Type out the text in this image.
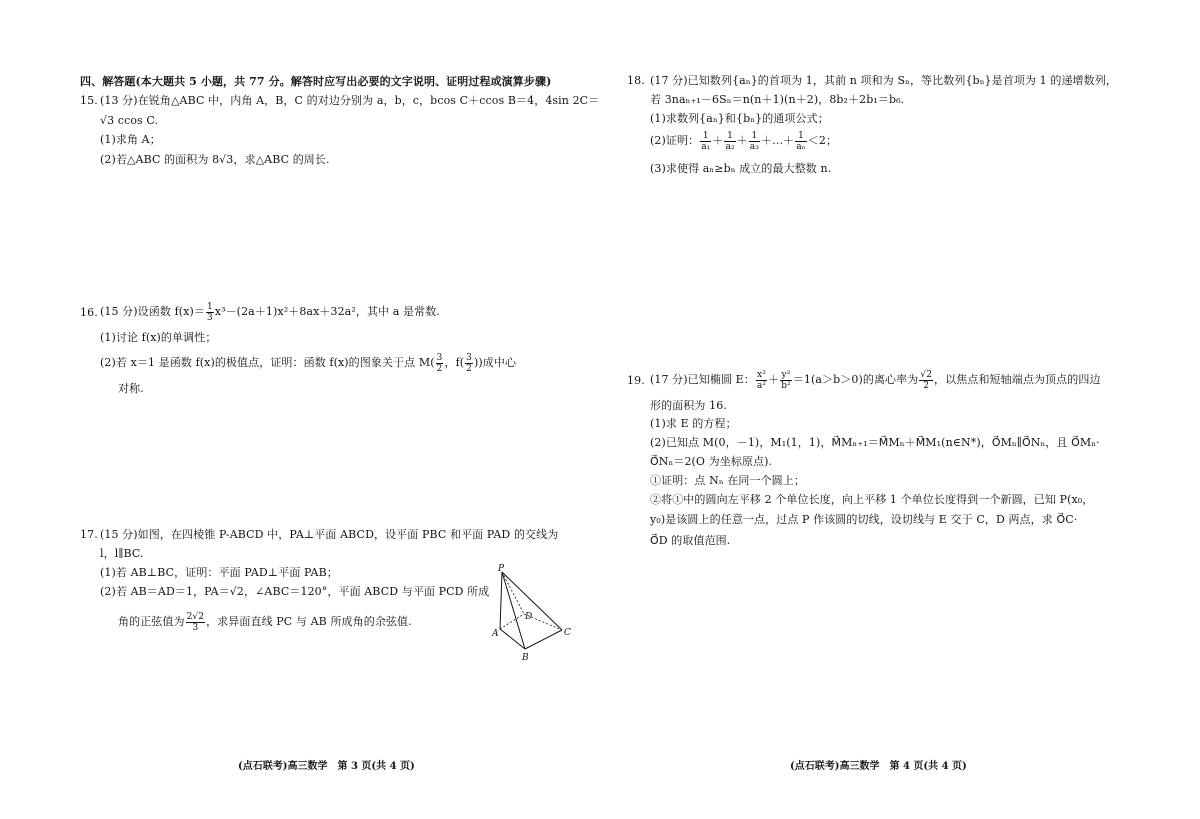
四、解答题(本大题共 5 小题，共 77 分。解答时应写出必要的文字说明、证明过程或演算步骤)
15. (13 分)在锐角△ABC 中，内角 A，B，C 的对边分别为 a，b，c，bcos C＋ccos B＝4，4sin 2C＝
√3 ccos C.
(1)求角 A；
(2)若△ABC 的面积为 8√3，求△ABC 的周长.
16. (15 分)设函数 $f(x)= \frac{1}{3} x^3-(2a+1)x^2+8ax+32a^2$，其中 a 是常数.
(1)讨论 f(x)的单调性；
(2)若 x＝1 是函数 f(x)的极值点，证明：函数 f(x)的图象关于点 $M( \frac{3}{2}$ ，$f( \frac{3}{2}$ ))成中心
对称.
17. (15 分)如图，在四棱锥 P-ABCD 中，PA⊥平面 ABCD，设平面 PBC 和平面 PAD 的交线为
l，l∥BC.
(1)若 AB⊥BC，证明：平面 PAD⊥平面 PAB；
(2)若 AB＝AD＝1，PA＝√2，∠ABC＝120°，平面 ABCD 与平面 PCD 所成
角的正弦值为 $\frac{2√2}{3}$ ，求异面直线 PC 与 AB 所成角的余弦值.
P
D
A	C
B
(点石联考)高三数学　第 3 页(共 4 页)
18. (17 分)已知数列{aₙ}的首项为 1，其前 n 项和为 Sₙ，等比数列{bₙ}是首项为 1 的递增数列，
若 3naₙ₊₁－6Sₙ＝n(n＋1)(n＋2)，8b₂＋2b₁＝b₆.
(1)求数列{aₙ}和{bₙ}的通项公式；
(2)证明： $\frac{1}{\text{a₁}} + \frac{1}{\text{a₂}} + \frac{1}{\text{a₃}}$ ＋…＋ $\frac{1}{\text{aₙ}} <2$；
(3)求使得 aₙ≥bₙ 成立的最大整数 n.
19. (17 分)已知椭圆 E： $\frac{\text{x²}}{\text{a²}} + \frac{\text{y²}}{\text{b²}} =1(a>b>0)$的离心率为 $\frac{√2}{2}$ ，以焦点和短轴端点为顶点的四边
形的面积为 16.
(1)求 E 的方程；
(2)已知点 M(0，－1)，M₁(1，1)，M⃗Mₙ₊₁＝M⃗Mₙ＋M⃗M₁(n∈N*)，O⃗Mₙ∥O⃗Nₙ，且 O⃗Mₙ·
O⃗Nₙ＝2(O 为坐标原点).
①证明：点 Nₙ 在同一个圆上；
②将①中的圆向左平移 2 个单位长度，向上平移 1 个单位长度得到一个新圆，已知 P(x₀，
y₀)是该圆上的任意一点，过点 P 作该圆的切线，设切线与 E 交于 C，D 两点，求 O⃗C·
O⃗D 的取值范围.
(点石联考)高三数学　第 4 页(共 4 页)
